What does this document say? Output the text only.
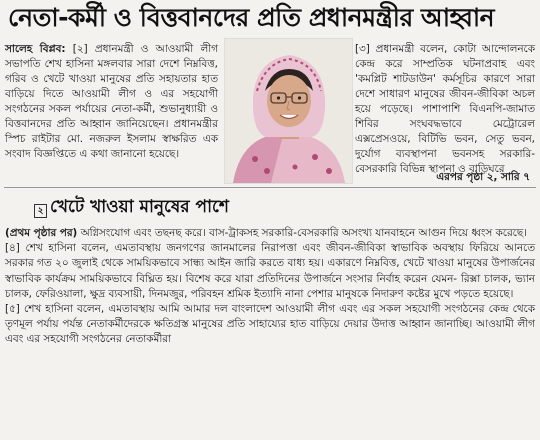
নেতা-কর্মী ও বিত্তবানদের প্রতি প্রধানমন্ত্রীর আহ্বান
সালেহ বিপ্লব: [২] প্রধানমন্ত্রী ও আওয়ামী লীগ সভাপতি শেখ হাসিনা মঙ্গলবার সারা দেশে নিম্নবিত্ত, গরিব ও খেটে খাওয়া মানুষের প্রতি সহায়তার হাত বাড়িয়ে দিতে আওয়ামী লীগ ও এর সহযোগী সংগঠনের সকল পর্যায়ের নেতা-কর্মী, শুভানুধ্যায়ী ও বিত্তবানদের প্রতি আহ্বান জানিয়েছেন। প্রধানমন্ত্রীর স্পিচ রাইটার মো. নজরুল ইসলাম স্বাক্ষরিত এক সংবাদ বিজ্ঞপ্তিতে এ কথা জানানো হয়েছে।
[৩] প্রধানমন্ত্রী বলেন, কোটা আন্দোলনকে কেন্দ্র করে সাম্প্রতিক ঘটনাপ্রবাহ এবং 'কমপ্লিট শাটডাউন' কর্মসূচির কারণে সারা দেশে সাধারণ মানুষের জীবন-জীবিকা অচল হয়ে পড়েছে। পাশাপাশি বিএনপি-জামাত শিবির সংঘবদ্ধভাবে মেট্রোরেল এক্সপ্রেসওয়ে, বিটিভি ভবন, সেতু ভবন, দুর্যোগ ব্যবস্থাপনা ভবনসহ সরকারি-বেসরকারি বিভিন্ন স্থাপনা ও বাড়িঘরে
এরপর পৃষ্ঠা ২, সারি ৭
২ খেটে খাওয়া মানুষের পাশে

(প্রথম পৃষ্ঠার পর) অগ্নিসংযোগ এবং তছনছ করে। বাস-ট্রাকসহ সরকারি-বেসরকারি অসংখ্য যানবাহনে আগুন দিয়ে ধ্বংস করেছে।

[৪] শেখ হাসিনা বলেন, এমতাবস্থায় জনগণের জানমালের নিরাপত্তা এবং জীবন-জীবিকা স্বাভাবিক অবস্থায় ফিরিয়ে আনতে সরকার গত ২০ জুলাই থেকে সাময়িকভাবে সান্ধ্য আইন জারি করতে বাধ্য হয়। একারণে নিম্নবিত্ত, খেটে খাওয়া মানুষের উপার্জনের স্বাভাবিক কার্যক্রম সাময়িকভাবে বিঘ্নিত হয়। বিশেষ করে যারা প্রতিদিনের উপার্জনে সংসার নির্বাহ করেন যেমন- রিক্সা চালক, ভ্যান চালক, ফেরিওয়ালা, ক্ষুদ্র ব্যবসায়ী, দিনমজুর, পরিবহন শ্রমিক ইত্যাদি নানা পেশার মানুষকে নিদারুণ কষ্টের মুখে পড়তে হয়েছে।

[৫] শেখ হাসিনা বলেন, এমতাবস্থায় আমি আমার দল বাংলাদেশ আওয়ামী লীগ এবং এর সকল সহযোগী সংগঠনের কেন্দ্র থেকে তৃণমূল পর্যায় পর্যন্ত নেতাকর্মীদেরকে ক্ষতিগ্রস্ত মানুষের প্রতি সাহায্যের হাত বাড়িয়ে দেয়ার উদাত্ত আহ্বান জানাচ্ছি। আওয়ামী লীগ এবং এর সহযোগী সংগঠনের নেতাকর্মীরা
